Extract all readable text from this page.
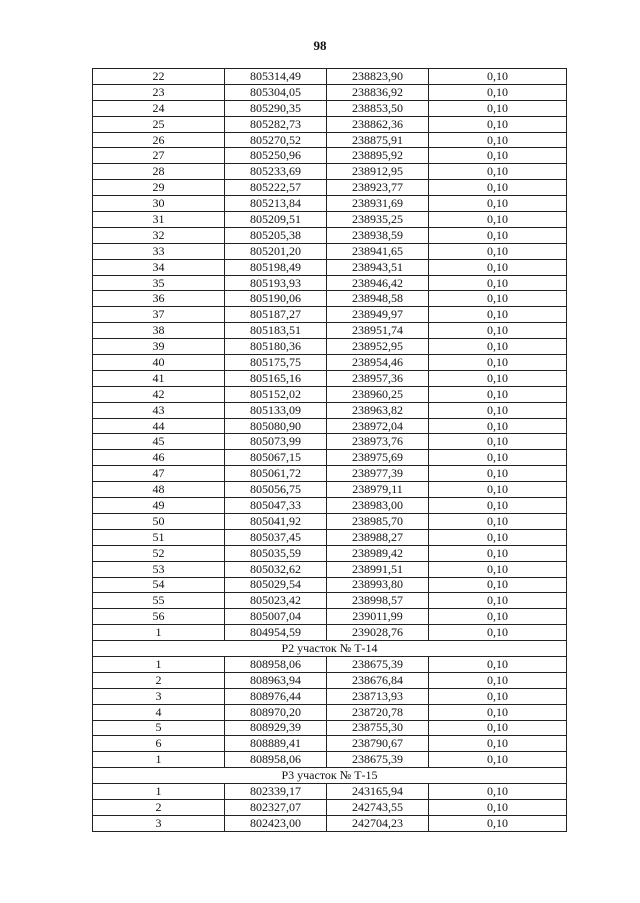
98
22	805314,49	238823,90	0,10
23	805304,05	238836,92	0,10
24	805290,35	238853,50	0,10
25	805282,73	238862,36	0,10
26	805270,52	238875,91	0,10
27	805250,96	238895,92	0,10
28	805233,69	238912,95	0,10
29	805222,57	238923,77	0,10
30	805213,84	238931,69	0,10
31	805209,51	238935,25	0,10
32	805205,38	238938,59	0,10
33	805201,20	238941,65	0,10
34	805198,49	238943,51	0,10
35	805193,93	238946,42	0,10
36	805190,06	238948,58	0,10
37	805187,27	238949,97	0,10
38	805183,51	238951,74	0,10
39	805180,36	238952,95	0,10
40	805175,75	238954,46	0,10
41	805165,16	238957,36	0,10
42	805152,02	238960,25	0,10
43	805133,09	238963,82	0,10
44	805080,90	238972,04	0,10
45	805073,99	238973,76	0,10
46	805067,15	238975,69	0,10
47	805061,72	238977,39	0,10
48	805056,75	238979,11	0,10
49	805047,33	238983,00	0,10
50	805041,92	238985,70	0,10
51	805037,45	238988,27	0,10
52	805035,59	238989,42	0,10
53	805032,62	238991,51	0,10
54	805029,54	238993,80	0,10
55	805023,42	238998,57	0,10
56	805007,04	239011,99	0,10
1	804954,59	239028,76	0,10
Р2 участок № Т-14			
1	808958,06	238675,39	0,10
2	808963,94	238676,84	0,10
3	808976,44	238713,93	0,10
4	808970,20	238720,78	0,10
5	808929,39	238755,30	0,10
6	808889,41	238790,67	0,10
1	808958,06	238675,39	0,10
Р3 участок № Т-15			
1	802339,17	243165,94	0,10
2	802327,07	242743,55	0,10
3	802423,00	242704,23	0,10
